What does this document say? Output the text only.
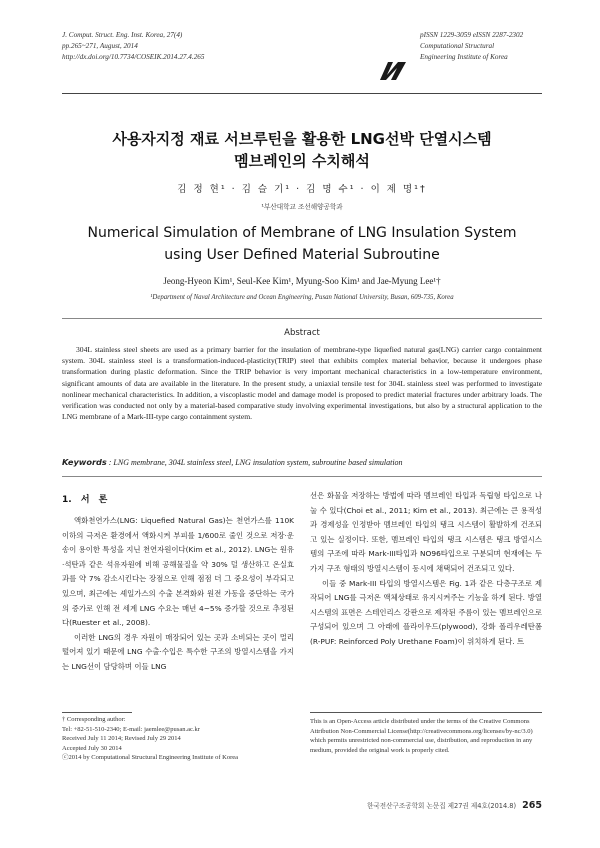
J. Comput. Struct. Eng. Inst. Korea, 27(4)
pp.265~271, August, 2014
http://dx.doi.org/10.7734/COSEIK.2014.27.4.265
pISSN 1229-3059 eISSN 2287-2302
Computational Structural
Engineering Institute of Korea
사용자지정 재료 서브루틴을 활용한 LNG선박 단열시스템
멤브레인의 수치해석
김 정 현¹ · 김 슬 기¹ · 김 명 수¹ · 이 제 명¹†
¹부산대학교 조선해양공학과
Numerical Simulation of Membrane of LNG Insulation System
using User Defined Material Subroutine
Jeong-Hyeon Kim¹, Seul-Kee Kim¹, Myung-Soo Kim¹ and Jae-Myung Lee¹†
¹Department of Naval Architecture and Ocean Engineering, Pusan National University, Busan, 609-735, Korea
Abstract
304L stainless steel sheets are used as a primary barrier for the insulation of membrane-type liquefied natural gas(LNG) carrier cargo containment system. 304L stainless steel is a transformation-induced-plasticity(TRIP) steel that exhibits complex material behavior, because it undergoes phase transformation during plastic deformation. Since the TRIP behavior is very important mechanical characteristics in a low-temperature environment, significant amounts of data are available in the literature. In the present study, a uniaxial tensile test for 304L stainless steel was performed to investigate nonlinear mechanical characteristics. In addition, a viscoplastic model and damage model is proposed to predict material fractures under arbitrary loads. The verification was conducted not only by a material-based comparative study involving experimental investigations, but also by a structural application to the LNG membrane of a Mark-III-type cargo containment system.
Keywords : LNG membrane, 304L stainless steel, LNG insulation system, subroutine based simulation
1. 서 론

액화천연가스(LNG: Liquefied Natural Gas)는 천연가스를 110K 이하의 극저온 환경에서 액화시켜 부피를 1/600로 줄인 것으로 저장·운송이 용이한 특성을 지닌 천연자원이다(Kim et al., 2012). LNG는 원유·석탄과 같은 석유자원에 비해 공해물질을 약 30% 덜 생산하고 온실효과를 약 7% 감소시킨다는 장점으로 인해 점점 더 그 중요성이 부각되고 있으며, 최근에는 셰일가스의 수출 본격화와 원전 가동을 중단하는 국가의 증가로 인해 전 세계 LNG 수요는 매년 4~5% 증가할 것으로 추정된다(Ruester et al., 2008).

이러한 LNG의 경우 자원이 매장되어 있는 곳과 소비되는 곳이 멀리 떨어져 있기 때문에 LNG 수출·수입은 특수한 구조의 방열시스템을 가지는 LNG선이 담당하며 이들 LNG

선은 화물을 저장하는 방법에 따라 멤브레인 타입과 독립형 타입으로 나눌 수 있다(Choi et al., 2011; Kim et al., 2013). 최근에는 큰 용적성과 경제성을 인정받아 멤브레인 타입의 탱크 시스템이 활발하게 건조되고 있는 실정이다. 또한, 멤브레인 타입의 탱크 시스템은 탱크 방열시스템의 구조에 따라 Mark-III타입과 NO96타입으로 구분되며 현재에는 두 가지 구조 형태의 방열시스템이 동시에 채택되어 건조되고 있다.

이들 중 Mark-III 타입의 방열시스템은 Fig. 1과 같은 다층구조로 제작되어 LNG를 극저온 액체상태로 유지시켜주는 기능을 하게 된다. 방열시스템의 표면은 스테인리스 강판으로 제작된 주름이 있는 멤브레인으로 구성되어 있으며 그 아래에 플라이우드(plywood), 강화 폴리우레탄폼(R-PUF: Reinforced Poly Urethane Foam)이 위치하게 된다. 트

† Corresponding author:
Tel: +82-51-510-2340; E-mail: jaemlee@pusan.ac.kr
Received July 11 2014; Revised July 29 2014
Accepted July 30 2014
ⓒ2014 by Computational Structural Engineering Institute of Korea
This is an Open-Access article distributed under the terms of the Creative Commons Attribution Non-Commercial License(http://creativecommons.org/licenses/by-nc/3.0) which permits unrestricted non-commercial use, distribution, and reproduction in any medium, provided the original work is properly cited.
한국전산구조공학회 논문집 제27권 제4호(2014.8) 265
